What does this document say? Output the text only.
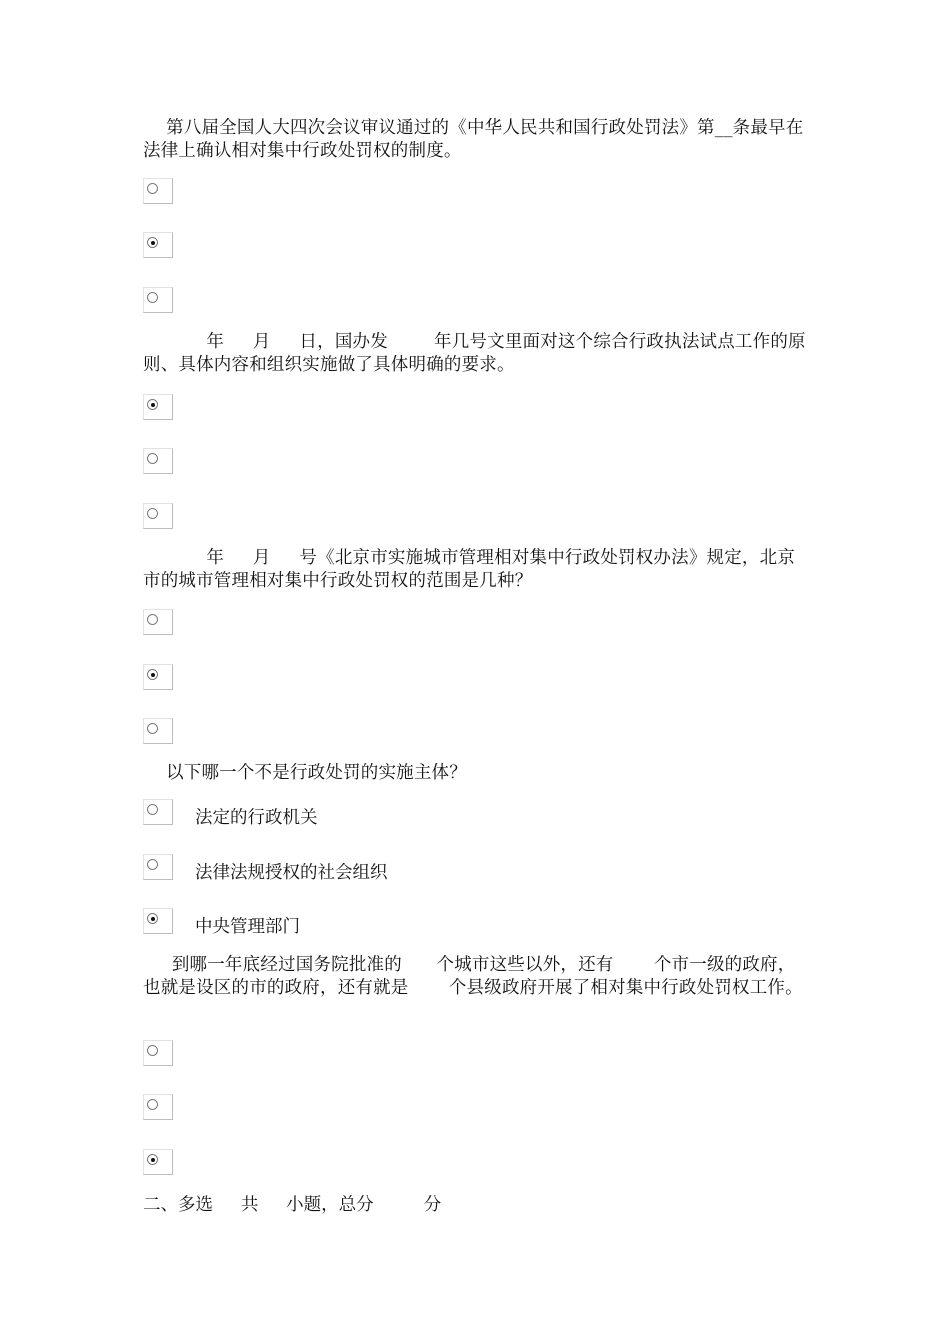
第八届全国人大四次会议审议通过的《中华人民共和国行政处罚法》第__条最早在法律上确认相对集中行政处罚权的制度。
年     月     日，国办发        年几号文里面对这个综合行政执法试点工作的原则、具体内容和组织实施做了具体明确的要求。
年     月     号《北京市实施城市管理相对集中行政处罚权办法》规定，北京市的城市管理相对集中行政处罚权的范围是几种？
以下哪一个不是行政处罚的实施主体？
法定的行政机关
法律法规授权的社会组织
中央管理部门
到哪一年底经过国务院批准的      个城市这些以外，还有       个市一级的政府，也就是设区的市的政府，还有就是       个县级政府开展了相对集中行政处罚权工作。
二、多选     共     小题，总分         分
